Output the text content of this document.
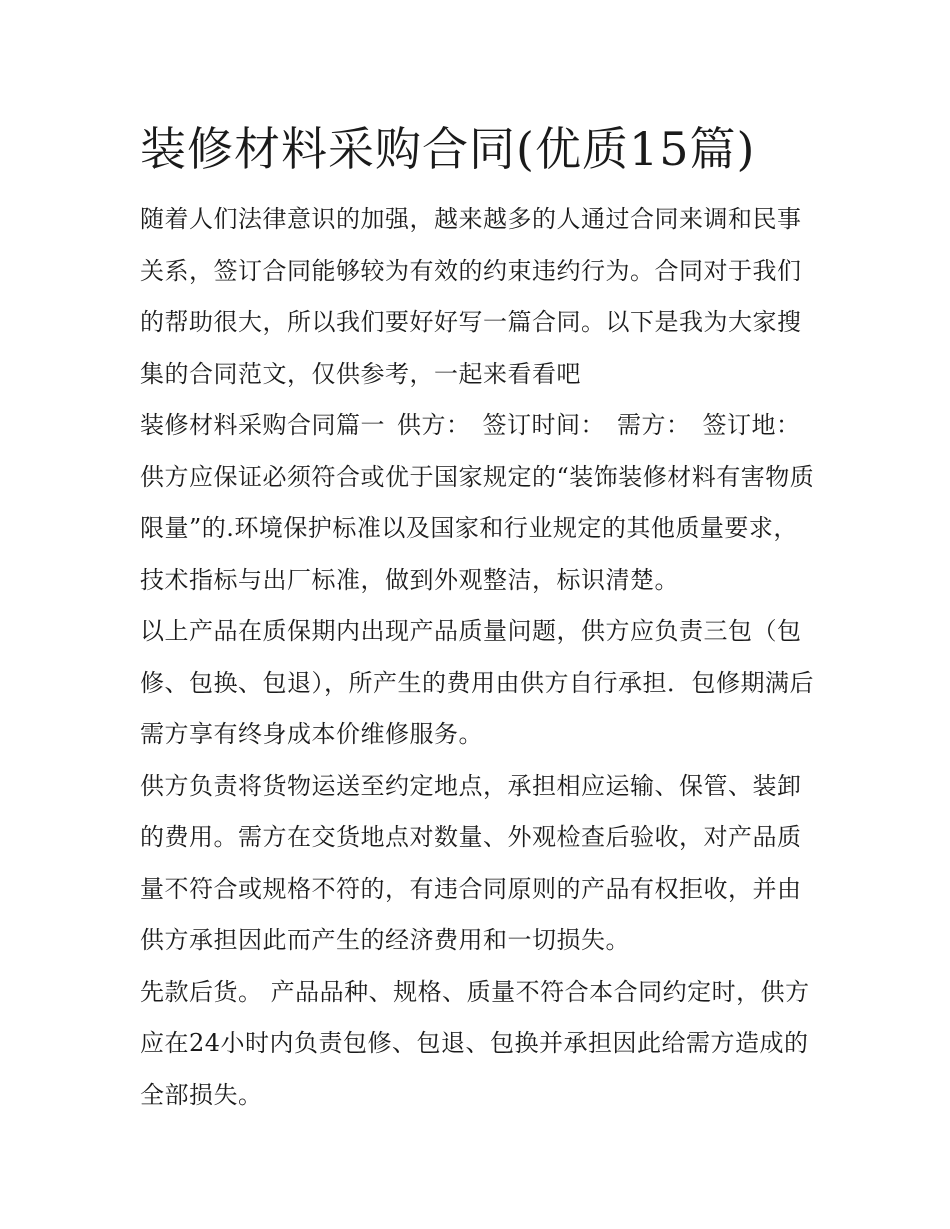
装修材料采购合同(优质15篇)

随着人们法律意识的加强，越来越多的人通过合同来调和民事关系，签订合同能够较为有效的约束违约行为。合同对于我们的帮助很大，所以我们要好好写一篇合同。以下是我为大家搜集的合同范文，仅供参考，一起来看看吧

装修材料采购合同篇一 供方： 签订时间： 需方： 签订地：

供方应保证必须符合或优于国家规定的“装饰装修材料有害物质限量”的.环境保护标准以及国家和行业规定的其他质量要求，技术指标与出厂标准，做到外观整洁，标识清楚。

以上产品在质保期内出现产品质量问题，供方应负责三包（包修、包换、包退），所产生的费用由供方自行承担．包修期满后需方享有终身成本价维修服务。

供方负责将货物运送至约定地点，承担相应运输、保管、装卸的费用。需方在交货地点对数量、外观检查后验收，对产品质量不符合或规格不符的，有违合同原则的产品有权拒收，并由供方承担因此而产生的经济费用和一切损失。

先款后货。 产品品种、规格、质量不符合本合同约定时，供方应在24小时内负责包修、包退、包换并承担因此给需方造成的全部损失。
